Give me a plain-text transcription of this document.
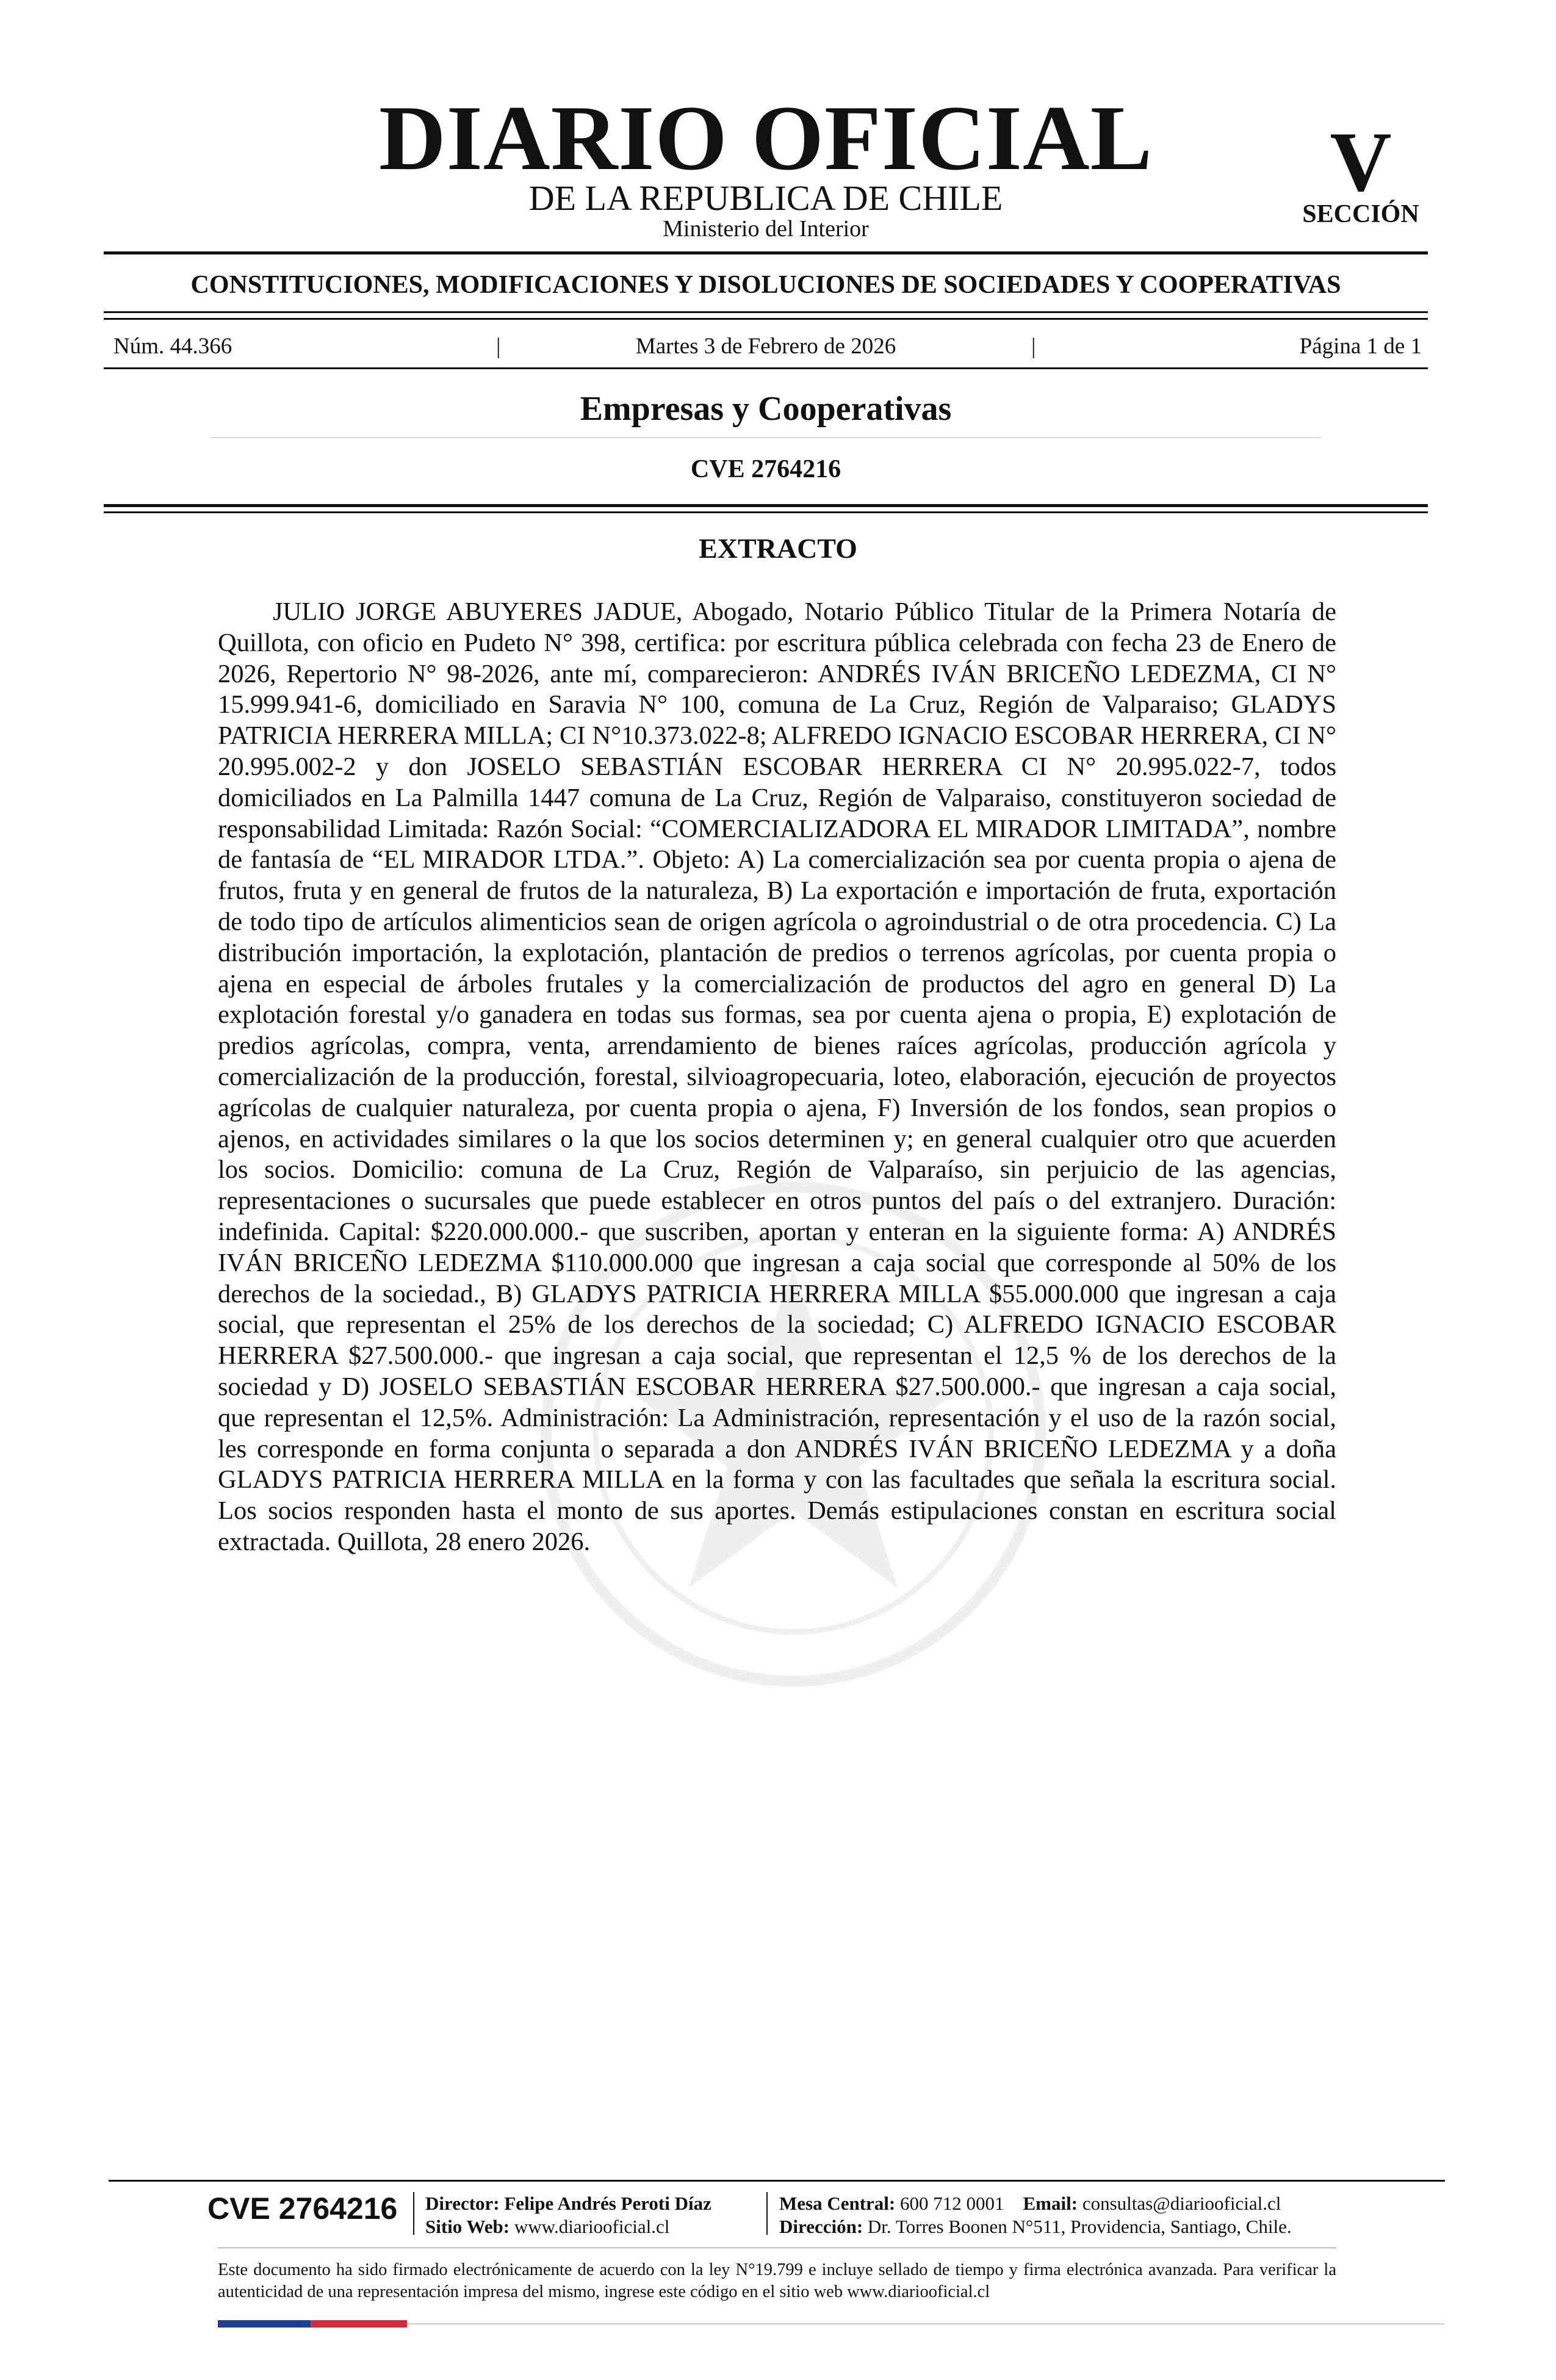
DIARIO OFICIAL
DE LA REPUBLICA DE CHILE
Ministerio del Interior
V
SECCIÓN
CONSTITUCIONES, MODIFICACIONES Y DISOLUCIONES DE SOCIEDADES Y COOPERATIVAS
Núm. 44.366	|	Martes 3 de Febrero de 2026	|	Página 1 de 1
Empresas y Cooperativas
CVE 2764216
EXTRACTO

JULIO JORGE ABUYERES JADUE, Abogado, Notario Público Titular de la Primera Notaría de Quillota, con oficio en Pudeto N° 398, certifica: por escritura pública celebrada con fecha 23 de Enero de 2026, Repertorio N° 98-2026, ante mí, comparecieron: ANDRÉS IVÁN BRICEÑO LEDEZMA, CI N° 15.999.941-6, domiciliado en Saravia N° 100, comuna de La Cruz, Región de Valparaiso; GLADYS PATRICIA HERRERA MILLA; CI N°10.373.022-8; ALFREDO IGNACIO ESCOBAR HERRERA, CI N° 20.995.002-2 y don JOSELO SEBASTIÁN ESCOBAR HERRERA CI N° 20.995.022-7, todos domiciliados en La Palmilla 1447 comuna de La Cruz, Región de Valparaiso, constituyeron sociedad de responsabilidad Limitada: Razón Social: “COMERCIALIZADORA EL MIRADOR LIMITADA”, nombre de fantasía de “EL MIRADOR LTDA.”. Objeto: A) La comercialización sea por cuenta propia o ajena de frutos, fruta y en general de frutos de la naturaleza, B) La exportación e importación de fruta, exportación de todo tipo de artículos alimenticios sean de origen agrícola o agroindustrial o de otra procedencia. C) La distribución importación, la explotación, plantación de predios o terrenos agrícolas, por cuenta propia o ajena en especial de árboles frutales y la comercialización de productos del agro en general D) La explotación forestal y/o ganadera en todas sus formas, sea por cuenta ajena o propia, E) explotación de predios agrícolas, compra, venta, arrendamiento de bienes raíces agrícolas, producción agrícola y comercialización de la producción, forestal, silvioagropecuaria, loteo, elaboración, ejecución de proyectos agrícolas de cualquier naturaleza, por cuenta propia o ajena, F) Inversión de los fondos, sean propios o ajenos, en actividades similares o la que los socios determinen y; en general cualquier otro que acuerden los socios. Domicilio: comuna de La Cruz, Región de Valparaíso, sin perjuicio de las agencias, representaciones o sucursales que puede establecer en otros puntos del país o del extranjero. Duración: indefinida. Capital: $220.000.000.- que suscriben, aportan y enteran en la siguiente forma: A) ANDRÉS IVÁN BRICEÑO LEDEZMA $110.000.000 que ingresan a caja social que corresponde al 50% de los derechos de la sociedad., B) GLADYS PATRICIA HERRERA MILLA $55.000.000 que ingresan a caja social, que representan el 25% de los derechos de la sociedad; C) ALFREDO IGNACIO ESCOBAR HERRERA $27.500.000.- que ingresan a caja social, que representan el 12,5 % de los derechos de la sociedad y D) JOSELO SEBASTIÁN ESCOBAR HERRERA $27.500.000.- que ingresan a caja social, que representan el 12,5%. Administración: La Administración, representación y el uso de la razón social, les corresponde en forma conjunta o separada a don ANDRÉS IVÁN BRICEÑO LEDEZMA y a doña GLADYS PATRICIA HERRERA MILLA en la forma y con las facultades que señala la escritura social. Los socios responden hasta el monto de sus aportes. Demás estipulaciones constan en escritura social extractada. Quillota, 28 enero 2026.

CVE 2764216 Director: Felipe Andrés Peroti Díaz
Sitio Web: www.diariooficial.cl
Mesa Central: 600 712 0001 Email: consultas@diariooficial.cl
Dirección: Dr. Torres Boonen N°511, Providencia, Santiago, Chile.

Este documento ha sido firmado electrónicamente de acuerdo con la ley N°19.799 e incluye sellado de tiempo y firma electrónica avanzada. Para verificar la autenticidad de una representación impresa del mismo, ingrese este código en el sitio web www.diariooficial.cl
